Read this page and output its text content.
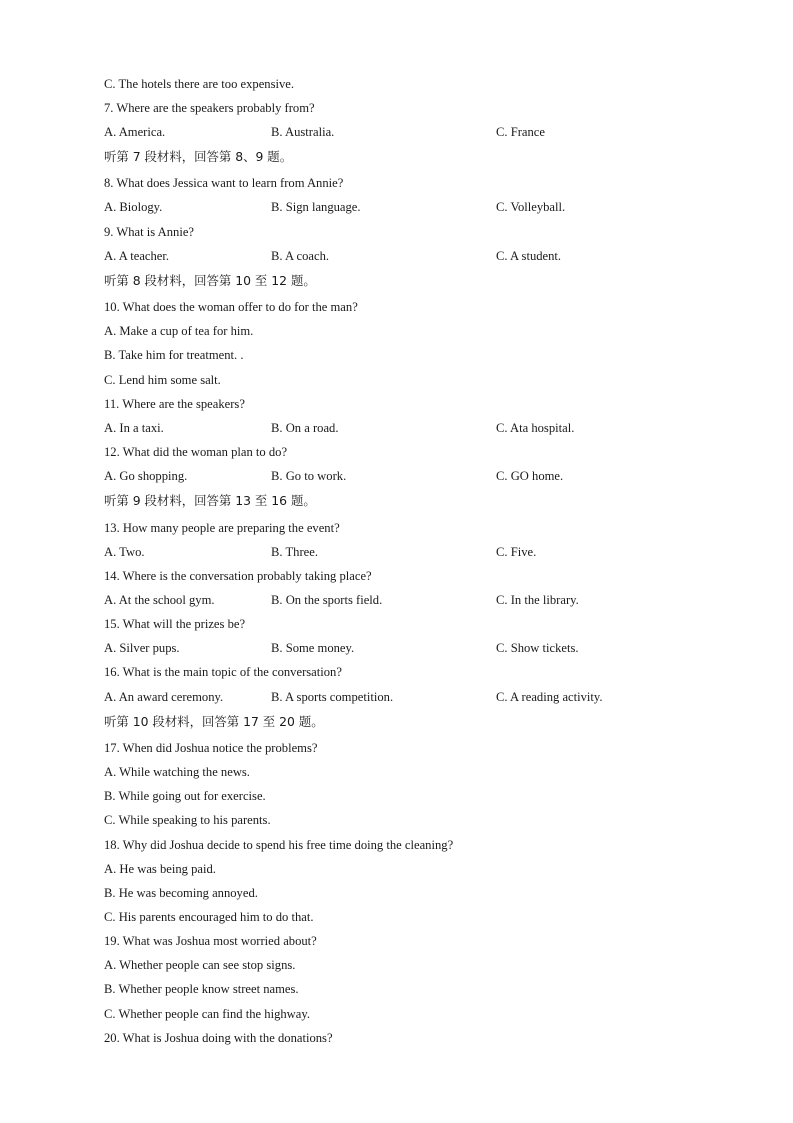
C. The hotels there are too expensive.
7. Where are the speakers probably from?
A. America.	B. Australia.	C. France
听第 7 段材料，回答第 8、9 题。
8. What does Jessica want to learn from Annie?
A. Biology.	B. Sign language.	C. Volleyball.
9. What is Annie?
A. A teacher.	B. A coach.	C. A student.
听第 8 段材料，回答第 10 至 12 题。
10. What does the woman offer to do for the man?
A. Make a cup of tea for him.
B. Take him for treatment. .
C. Lend him some salt.
11. Where are the speakers?
A. In a taxi.	B. On a road.	C. Ata hospital.
12. What did the woman plan to do?
A. Go shopping.	B. Go to work.	C. GO home.
听第 9 段材料，回答第 13 至 16 题。
13. How many people are preparing the event?
A. Two.	B. Three.	C. Five.
14. Where is the conversation probably taking place?
A. At the school gym.	B. On the sports field.	C. In the library.
15. What will the prizes be?
A. Silver pups.	B. Some money.	C. Show tickets.
16. What is the main topic of the conversation?
A. An award ceremony.	B. A sports competition.	C. A reading activity.
听第 10 段材料，回答第 17 至 20 题。
17. When did Joshua notice the problems?
A. While watching the news.
B. While going out for exercise.
C. While speaking to his parents.
18. Why did Joshua decide to spend his free time doing the cleaning?
A. He was being paid.
B. He was becoming annoyed.
C. His parents encouraged him to do that.
19. What was Joshua most worried about?
A. Whether people can see stop signs.
B. Whether people know street names.
C. Whether people can find the highway.
20. What is Joshua doing with the donations?
